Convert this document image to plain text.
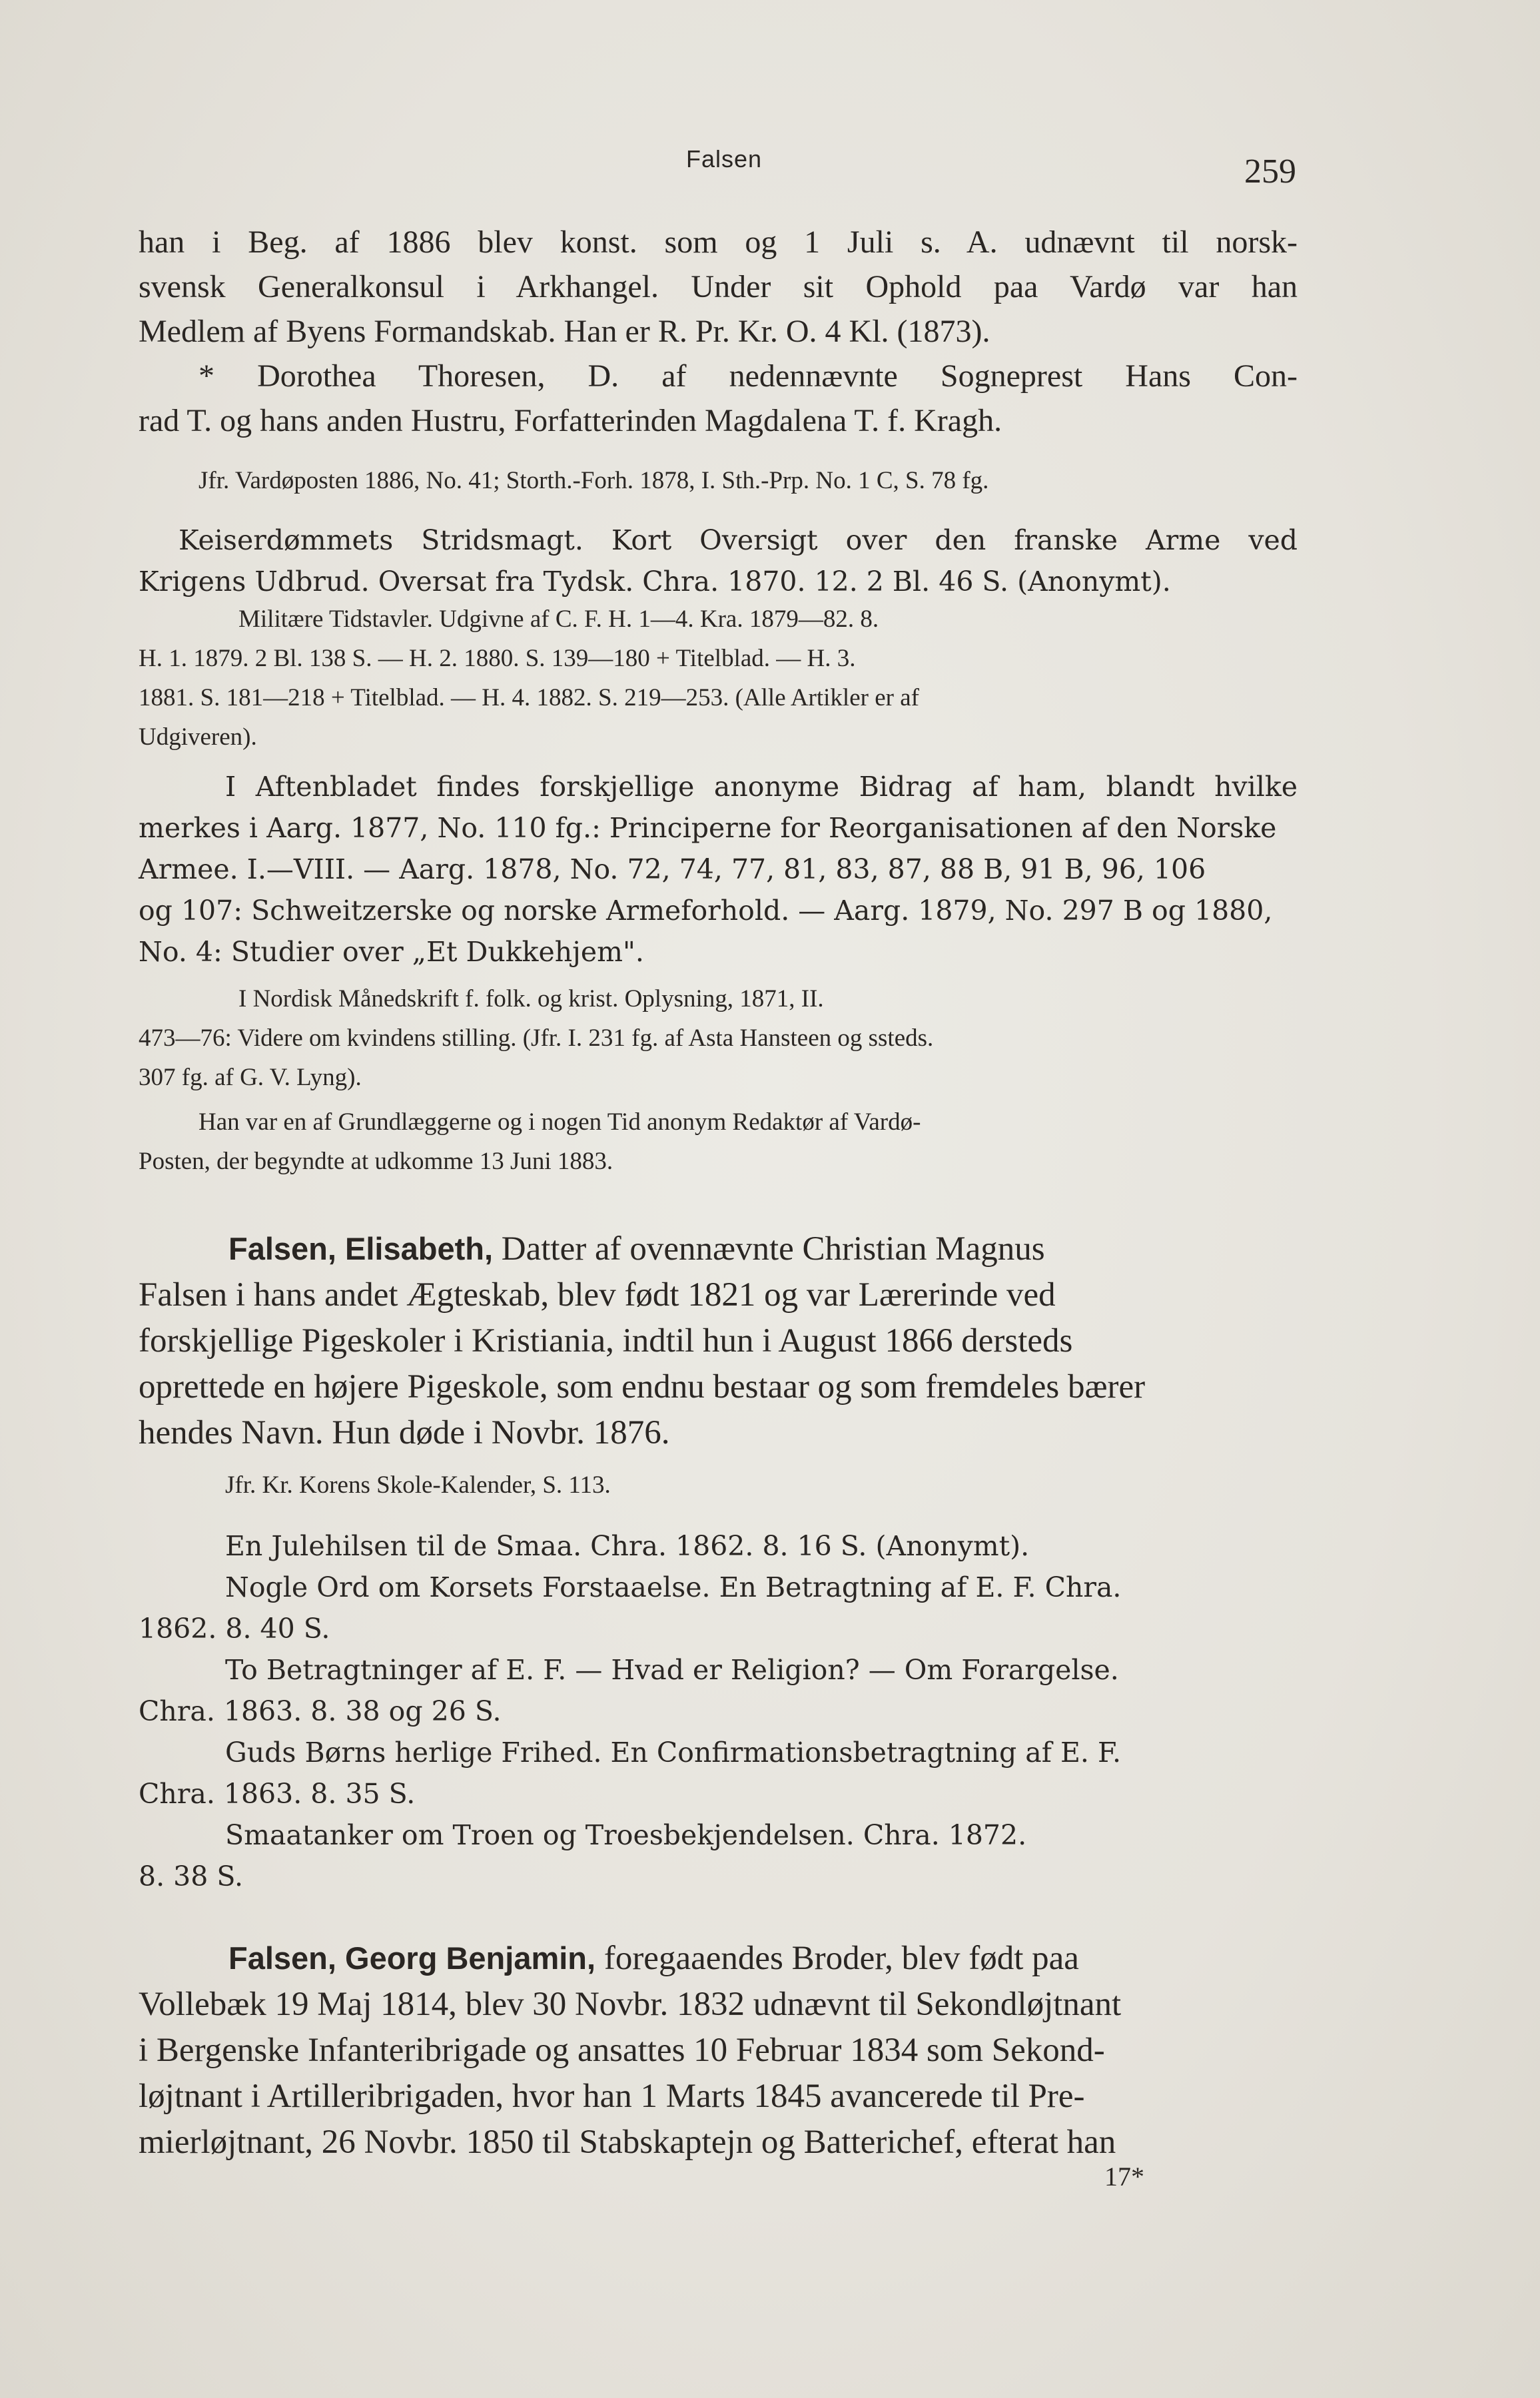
Falsen	259
han i Beg. af 1886 blev konst. som og 1 Juli s. A. udnævnt til norsk-
svensk Generalkonsul i Arkhangel. Under sit Ophold paa Vardø var han
Medlem af Byens Formandskab. Han er R. Pr. Kr. O. 4 Kl. (1873).
* Dorothea Thoresen, D. af nedennævnte Sogneprest Hans Con-
rad T. og hans anden Hustru, Forfatterinden Magdalena T. f. Kragh.
Jfr. Vardøposten 1886, No. 41; Storth.-Forh. 1878, I. Sth.-Prp. No. 1 C, S. 78 fg.
Keiserdømmets Stridsmagt. Kort Oversigt over den franske Arme ved
Krigens Udbrud. Oversat fra Tydsk. Chra. 1870. 12. 2 Bl. 46 S. (Anonymt).
Militære Tidstavler. Udgivne af C. F. H. 1—4. Kra. 1879—82. 8.
H. 1. 1879. 2 Bl. 138 S. — H. 2. 1880. S. 139—180 + Titelblad. — H. 3.
1881. S. 181—218 + Titelblad. — H. 4. 1882. S. 219—253. (Alle Artikler er af
Udgiveren).
I Aftenbladet findes forskjellige anonyme Bidrag af ham, blandt hvilke
merkes i Aarg. 1877, No. 110 fg.: Principerne for Reorganisationen af den Norske
Armee. I.—VIII. — Aarg. 1878, No. 72, 74, 77, 81, 83, 87, 88 B, 91 B, 96, 106
og 107: Schweitzerske og norske Armeforhold. — Aarg. 1879, No. 297 B og 1880,
No. 4: Studier over „Et Dukkehjem".
I Nordisk Månedskrift f. folk. og krist. Oplysning, 1871, II.
473—76: Videre om kvindens stilling. (Jfr. I. 231 fg. af Asta Hansteen og ssteds.
307 fg. af G. V. Lyng).
Han var en af Grundlæggerne og i nogen Tid anonym Redaktør af Vardø-
Posten, der begyndte at udkomme 13 Juni 1883.
Falsen, Elisabeth, Datter af ovennævnte Christian Magnus
Falsen i hans andet Ægteskab, blev født 1821 og var Lærerinde ved
forskjellige Pigeskoler i Kristiania, indtil hun i August 1866 dersteds
oprettede en højere Pigeskole, som endnu bestaar og som fremdeles bærer
hendes Navn. Hun døde i Novbr. 1876.
Jfr. Kr. Korens Skole-Kalender, S. 113.
En Julehilsen til de Smaa. Chra. 1862. 8. 16 S. (Anonymt).
Nogle Ord om Korsets Forstaaelse. En Betragtning af E. F. Chra.
1862. 8. 40 S.
To Betragtninger af E. F. — Hvad er Religion? — Om Forargelse.
Chra. 1863. 8. 38 og 26 S.
Guds Børns herlige Frihed. En Confirmationsbetragtning af E. F.
Chra. 1863. 8. 35 S.
Smaatanker om Troen og Troesbekjendelsen. Chra. 1872.
8. 38 S.
Falsen, Georg Benjamin, foregaaendes Broder, blev født paa
Vollebæk 19 Maj 1814, blev 30 Novbr. 1832 udnævnt til Sekondløjtnant
i Bergenske Infanteribrigade og ansattes 10 Februar 1834 som Sekond-
løjtnant i Artilleribrigaden, hvor han 1 Marts 1845 avancerede til Pre-
mierløjtnant, 26 Novbr. 1850 til Stabskaptejn og Batterichef, efterat han
17*
